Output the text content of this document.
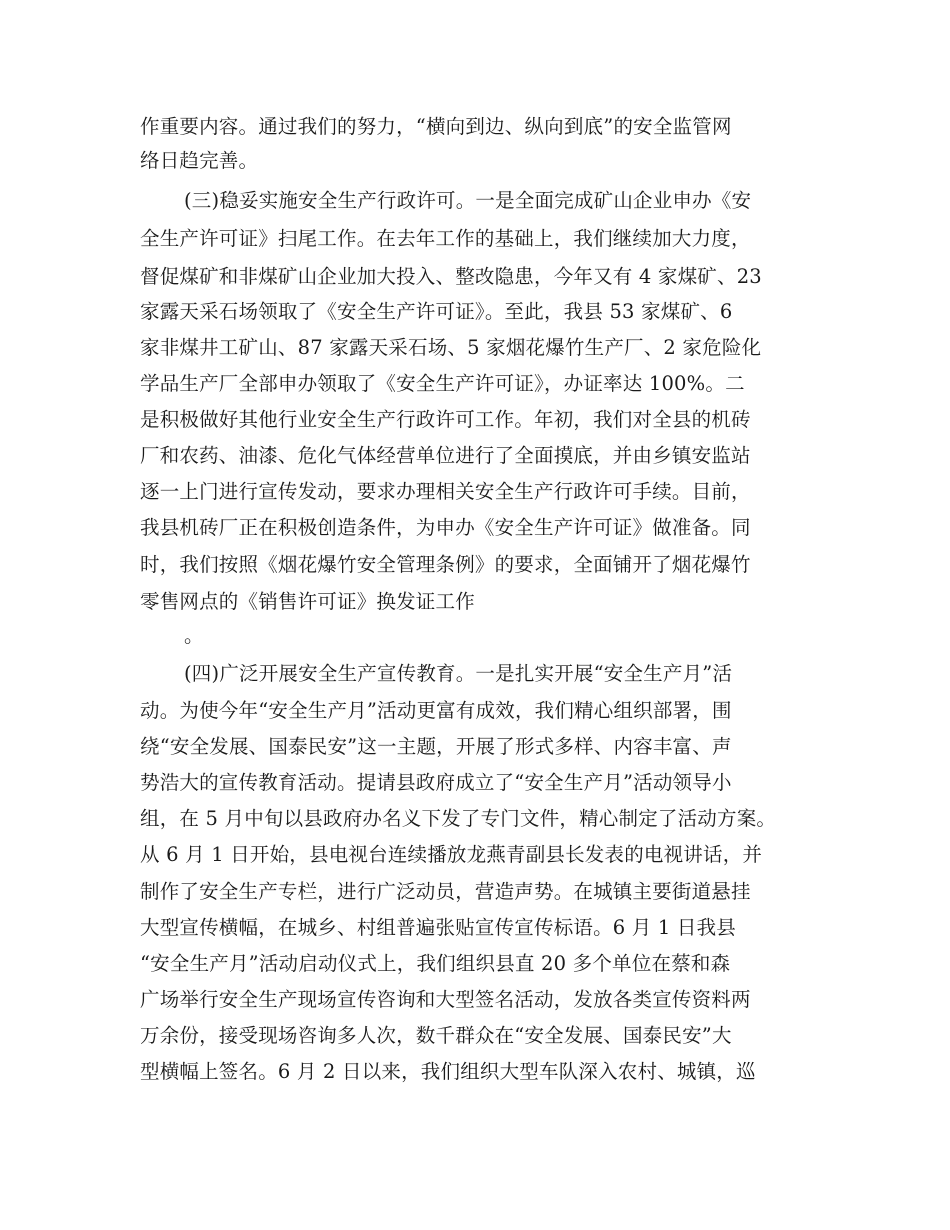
作重要内容。通过我们的努力，“横向到边、纵向到底”的安全监管网
络日趋完善。
(三)稳妥实施安全生产行政许可。一是全面完成矿山企业申办《安
全生产许可证》扫尾工作。在去年工作的基础上，我们继续加大力度，
督促煤矿和非煤矿山企业加大投入、整改隐患，今年又有 4 家煤矿、23
家露天采石场领取了《安全生产许可证》。至此，我县 53 家煤矿、6
家非煤井工矿山、87 家露天采石场、5 家烟花爆竹生产厂、2 家危险化
学品生产厂全部申办领取了《安全生产许可证》，办证率达 100%。二
是积极做好其他行业安全生产行政许可工作。年初，我们对全县的机砖
厂和农药、油漆、危化气体经营单位进行了全面摸底，并由乡镇安监站
逐一上门进行宣传发动，要求办理相关安全生产行政许可手续。目前，
我县机砖厂正在积极创造条件，为申办《安全生产许可证》做准备。同
时，我们按照《烟花爆竹安全管理条例》的要求，全面铺开了烟花爆竹
零售网点的《销售许可证》换发证工作
。
(四)广泛开展安全生产宣传教育。一是扎实开展“安全生产月”活
动。为使今年“安全生产月”活动更富有成效，我们精心组织部署，围
绕“安全发展、国泰民安”这一主题，开展了形式多样、内容丰富、声
势浩大的宣传教育活动。提请县政府成立了“安全生产月”活动领导小
组，在 5 月中旬以县政府办名义下发了专门文件，精心制定了活动方案。
从 6 月 1 日开始，县电视台连续播放龙燕青副县长发表的电视讲话，并
制作了安全生产专栏，进行广泛动员，营造声势。在城镇主要街道悬挂
大型宣传横幅，在城乡、村组普遍张贴宣传宣传标语。6 月 1 日我县
“安全生产月”活动启动仪式上，我们组织县直 20 多个单位在蔡和森
广场举行安全生产现场宣传咨询和大型签名活动，发放各类宣传资料两
万余份，接受现场咨询多人次，数千群众在“安全发展、国泰民安”大
型横幅上签名。6 月 2 日以来，我们组织大型车队深入农村、城镇，巡
